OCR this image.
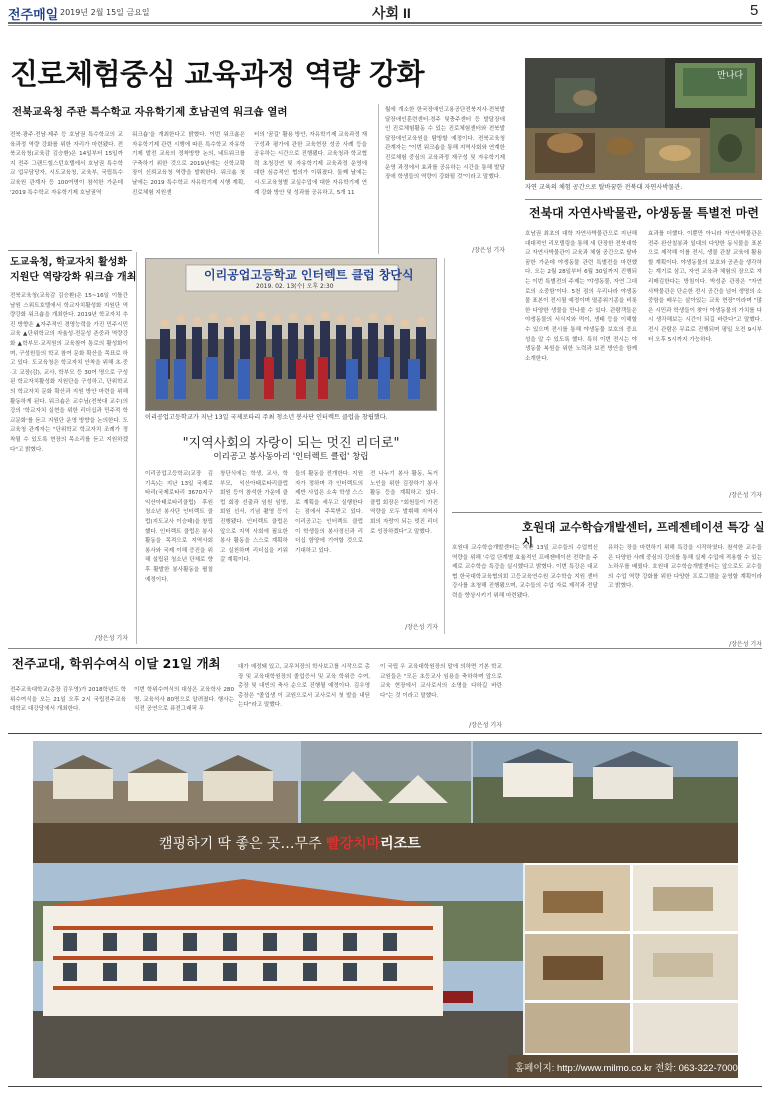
전주매일 2019년 2월 15일 금요일	사회 II	5
진로체험중심 교육과정 역량 강화
전북교육청 주관 특수학교 자유학기제 호남권역 워크숍 열려
전북·광주·전남·제주 등 호남권 특수학교의 교육과정 역량 강화를 위한 자리가 마련됐다. 전북교육청(교육감 김승환)은 14일부터 15일까지 전주 그랜드힐스턴호텔에서 호남권 특수학교 업무담당자, 시도교육청, 교육부, 국립특수교육원 관계자 등 100여명이 참석한 가운데 '2019 특수학교 자유학기제 호남권역
워크숍'을 개최한다고 밝혔다. 이번 워크숍은 자유학기제 관련 시행에 따른 특수학교 자유학기제 발전 교육의 정착방향 논의, 네트워크를 구축하기 위한 것으로 2019년에는 신학교확장이 신뢰교육청 역량을 발휘한다. 워크숍 첫 날에는 2019 특수학교 자유학기제 시행 계획, 진로체험 지원센
터의 '꿈길' 활용 방안, 자유학기제 교육과정 재구성과 평가에 관한 교육현장 성공 사례 등을 공유하는 시간으로 진행됐다. 교육청과 학교협력 초청강연 및 자유학기제 교육과정 운영에 대한 심층적인 협의가 이뤄졌다. 둘째 날에는 시·도교육청별 교실수업에 대한 자유학기제 연계 강화 방안 및 성과를 공유하고, 5개 11
월에 개소한 한국장애인고용공단전북지사·전북발달장애인훈련센터·경주 및충주센터 등 발달장애인 진로체험활동 수 있는 진로체험센터와 전북발달장애인교육원을 탐방할 예정이다. 전북교육청 관계자는 "이번 워크숍을 통해 지역사회와 연계한 진로체험 중심의 교육과정 재구성 및 자유학기제 운영 과정에서 효과를 공유하는 시간을 통해 발달장애 학생들의 역량이 강화될 것"이라고 말했다.
/장은성 기자
만나다
자연 교육의 체험 공간으로 탈바꿈한 전북대 자연사박물관.
전북대 자연사박물관, 야생동물 특별전 마련
호남권 최초의 대학 자연사박물관으로 지난해 대대적인 리모델링을 통해 새 단장한 전북대학교 자연사박물관이 교육과 체험 공간으로 탈바꿈한 가운데 야생동물 관련 특별전을 마련했다. 오는 2월 28일부터 6월 30일까지 진행되는 이번 특별전의 주제는 '야생동물, 자연 그대로의 소중함'이다. 5천 점의 우리나라 야생동물 표본이 전시될 예정이며 멸종위기종을 비롯한 다양한 생물을 만나볼 수 있다. 관람객들은 야생동물의 서식지와 먹이, 생태 등을 이해할 수 있으며 전시를 통해 야생동물 보호의 중요성을 알 수 있도록 했다. 특히 이번 전시는 야생동물 복원을 위한 노력과 보전 방안을 함께 소개한다.
효과를 더했다. 이뿐만 아니라 자연사박물관은 전주 완산칠봉과 일대의 다양한 동식물을 표본으로 제작해 이를 전시, 생물 관찰 교육에 활용할 계획이다. 야생동물의 보호와 공존을 생각하는 계기로 삼고, 자연 교육과 체험의 장으로 자리매김한다는 방침이다. 박성준 관장은 "자연사박물관은 단순한 전시 공간을 넘어 생명의 소중함을 배우는 살아있는 교육 현장"이라며 "많은 시민과 학생들이 찾아 야생동물의 가치를 다시 생각해보는 시간이 되길 바란다"고 말했다. 전시 관람은 무료로 진행되며 평일 오전 9시부터 오후 5시까지 가능하다.
/장은성 기자
도교육청, 학교자치 활성화
지원단 역량강화 워크숍 개최
전북교육청(교육감 김승환)은 15~16일 이틀간 남원 스위트호텔에서 학교자치활성화 지원단 역량강화 워크숍을 개최한다. 2019년 학교자치 추진 방향은 ▲자주적인 경영능력을 가진 민주시민 교육 ▲단위학교의 자율성·전문성 존중과 역량강화 ▲학부모·교직원의 교육참여 통로의 활성화이며, 구성원들의 학교 참여 문화 확산을 목표로 하고 있다. 도교육청은 학교자치 안착을 위해 초·중·고 교장(감), 교사, 학부모 등 30여 명으로 구성된 학교자치활성화 지원단을 구성하고, 단위학교의 학교자치 문화 확산과 지원 방안 마련을 위해 활동하게 된다. 워크숍은 교수님(전북대 교수)의 강의 '학교자치 실현을 위한 리더십과 민주적 학교문화'를 듣고 지원단 운영 방향을 논의한다. 도교육청 관계자는 "단위학교 학교자치 조례가 정착될 수 있도록 현장의 목소리를 듣고 지원하겠다"고 밝혔다.
/장은성 기자
이리공업고등학교 인터렉트 클럽 창단식
2019. 02. 13(수) 오후 2:30
이리공업고등학교가 지난 13일 국제로타리 주최 청소년 봉사단 인터렉트 클럽을 창립했다.
"지역사회의 자랑이 되는 멋진 리더로"
이리공고 봉사동아리 '인터렉트 클럽' 창립
이리공업고등학교(교장 김기옥)는 지난 13일 국제로타리(국제로타리 3670지구 익산아태로타리클럽) 후원 청소년 봉사단 인터렉트 클럽(지도교사 이승태)을 창립했다. 인터렉트 클럽은 봉사활동을 목적으로 지역사회 봉사와 국제 이해 증진을 위해 설립된 청소년 단체로 향후 활발한 봉사활동을 펼칠 예정이다.
창단식에는 학생, 교사, 학부모, 익산아태로타리클럽 회원 등이 참석한 가운데 클럽 회장 선출과 임원 임명, 회원 선서, 기념 촬영 등이 진행됐다. 인터렉트 클럽은 앞으로 지역 사회에 필요한 봉사 활동을 스스로 계획하고 실천하며 리더십을 키워갈 계획이다.
들의 활동을 전개한다. 지원자가 정하며 각 인터렉트의 제반 사업은 소속 학생 스스로 계획을 세우고 실행한다는 점에서 주목받고 있다. 이리공고는 인터렉트 클럽이 학생들의 봉사정신과 리더십 함양에 기여할 것으로 기대하고 있다.
전 나누기 봉사 활동, 독거노인을 위한 김장하기 봉사 활동 등을 계획하고 있다. 클럽 회장은 "회원들이 가진 역량을 모두 발휘해 지역사회의 자랑이 되는 멋진 리더로 성장하겠다"고 말했다.
/장은성 기자
호원대 교수학습개발센터, 프레젠테이션 특강 실시
호원대 교수학습개발센터는 지난 13일 교수들의 수업혁신 역량을 위해 '수업 단계별 효율적인 프레젠테이션 전략'을 주제로 교수학습 특강을 실시했다고 밝혔다. 이번 특강은 대교협 한국대학교육협의회 고등교육연수원 교수학습 지원 센터 강사를 초청해 진행됐으며, 교수들의 수업 자료 제작과 전달력을 향상시키기 위해 마련됐다.
유하는 장을 마련하기 위해 특강을 시작하였다. 참석한 교수들은 다양한 사례 중심의 강의를 통해 실제 수업에 적용할 수 있는 노하우를 배웠다. 호원대 교수학습개발센터는 앞으로도 교수들의 수업 역량 강화를 위한 다양한 프로그램을 운영할 계획이라고 밝혔다.
/장은성 기자
전주교대, 학위수여식 이달 21일 개최
전주교육대학교(총장 김우영)가 2018학년도 학위수여식을 오는 21일 오후 2시 국립전주교육대학교 대강당에서 개최한다.
이번 학위수여식의 대상은 교육학사 280명, 교육석사 80명으로 알려졌다. 행사는 식전 공연으로 퓨전그래픽 무
대가 예정돼 있고, 교무처장의 학사보고를 시작으로 총장 및 교육대학원장의 졸업증서 및 교육 학위증 수여, 총장 및 내빈의 축사 순으로 진행될 예정이다. 김우영 총장은 "졸업생 이 교원으로서 교사로서 첫 발을 내딛는다"라고 말했다.
이 국립 우 교육대학원장의 말에 의하면 기본 학교 교원들은 "모든 초등교사 임용을 축하하며 앞으로 교육 현장에서 교사로서의 소명을 다하길 바란다"는 것 이라고 말했다.
/장은성 기자
캠핑하기 딱 좋은 곳…무주 빨강치마리조트
홈페이지: http://www.milmo.co.kr 전화: 063-322-7000
